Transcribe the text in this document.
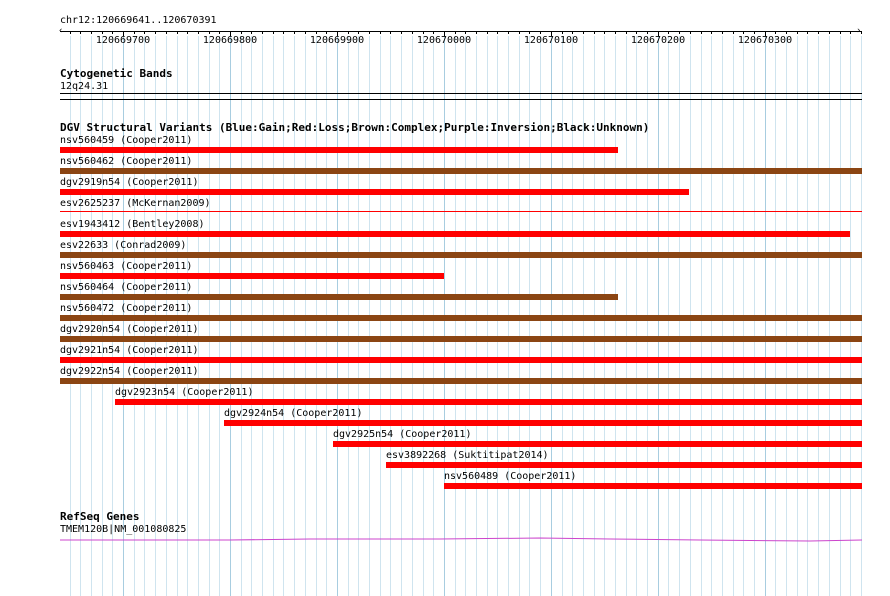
chr12:120669641..120670391
‹	›
120669700	120669800	120669900	120670000	120670100	120670200	120670300
Cytogenetic Bands
12q24.31
DGV Structural Variants (Blue:Gain;Red:Loss;Brown:Complex;Purple:Inversion;Black:Unknown)
nsv560459 (Cooper2011)
nsv560462 (Cooper2011)
dgv2919n54 (Cooper2011)
esv2625237 (McKernan2009)
esv1943412 (Bentley2008)
esv22633 (Conrad2009)
nsv560463 (Cooper2011)
nsv560464 (Cooper2011)
nsv560472 (Cooper2011)
dgv2920n54 (Cooper2011)
dgv2921n54 (Cooper2011)
dgv2922n54 (Cooper2011)
dgv2923n54 (Cooper2011)
dgv2924n54 (Cooper2011)
dgv2925n54 (Cooper2011)
esv3892268 (Suktitipat2014)
nsv560489 (Cooper2011)
RefSeq Genes
TMEM120B|NM_001080825
